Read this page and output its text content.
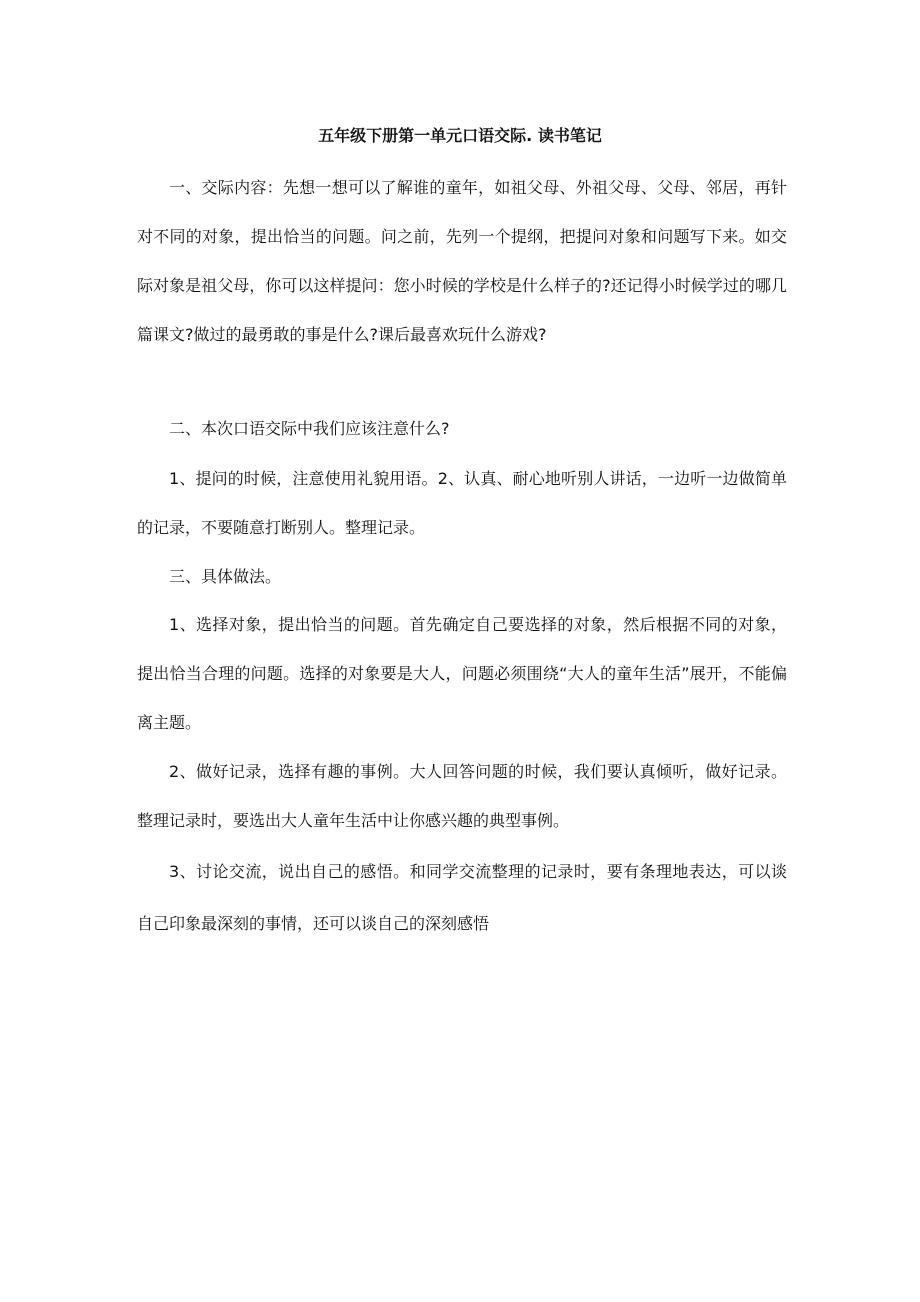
五年级下册第一单元口语交际. 读书笔记

一、交际内容：先想一想可以了解谁的童年，如祖父母、外祖父母、父母、邻居，再针对不同的对象，提出恰当的问题。问之前，先列一个提纲，把提问对象和问题写下来。如交际对象是祖父母，你可以这样提问：您小时候的学校是什么样子的?还记得小时候学过的哪几篇课文?做过的最勇敢的事是什么?课后最喜欢玩什么游戏?

二、本次口语交际中我们应该注意什么?

1、提问的时候，注意使用礼貌用语。2、认真、耐心地听别人讲话，一边听一边做简单的记录，不要随意打断别人。整理记录。

三、具体做法。

1、选择对象，提出恰当的问题。首先确定自己要选择的对象，然后根据不同的对象，提出恰当合理的问题。选择的对象要是大人，问题必须围绕“大人的童年生活”展开，不能偏离主题。

2、做好记录，选择有趣的事例。大人回答问题的时候，我们要认真倾听，做好记录。整理记录时，要选出大人童年生活中让你感兴趣的典型事例。

3、讨论交流，说出自己的感悟。和同学交流整理的记录时，要有条理地表达，可以谈自己印象最深刻的事情，还可以谈自己的深刻感悟
